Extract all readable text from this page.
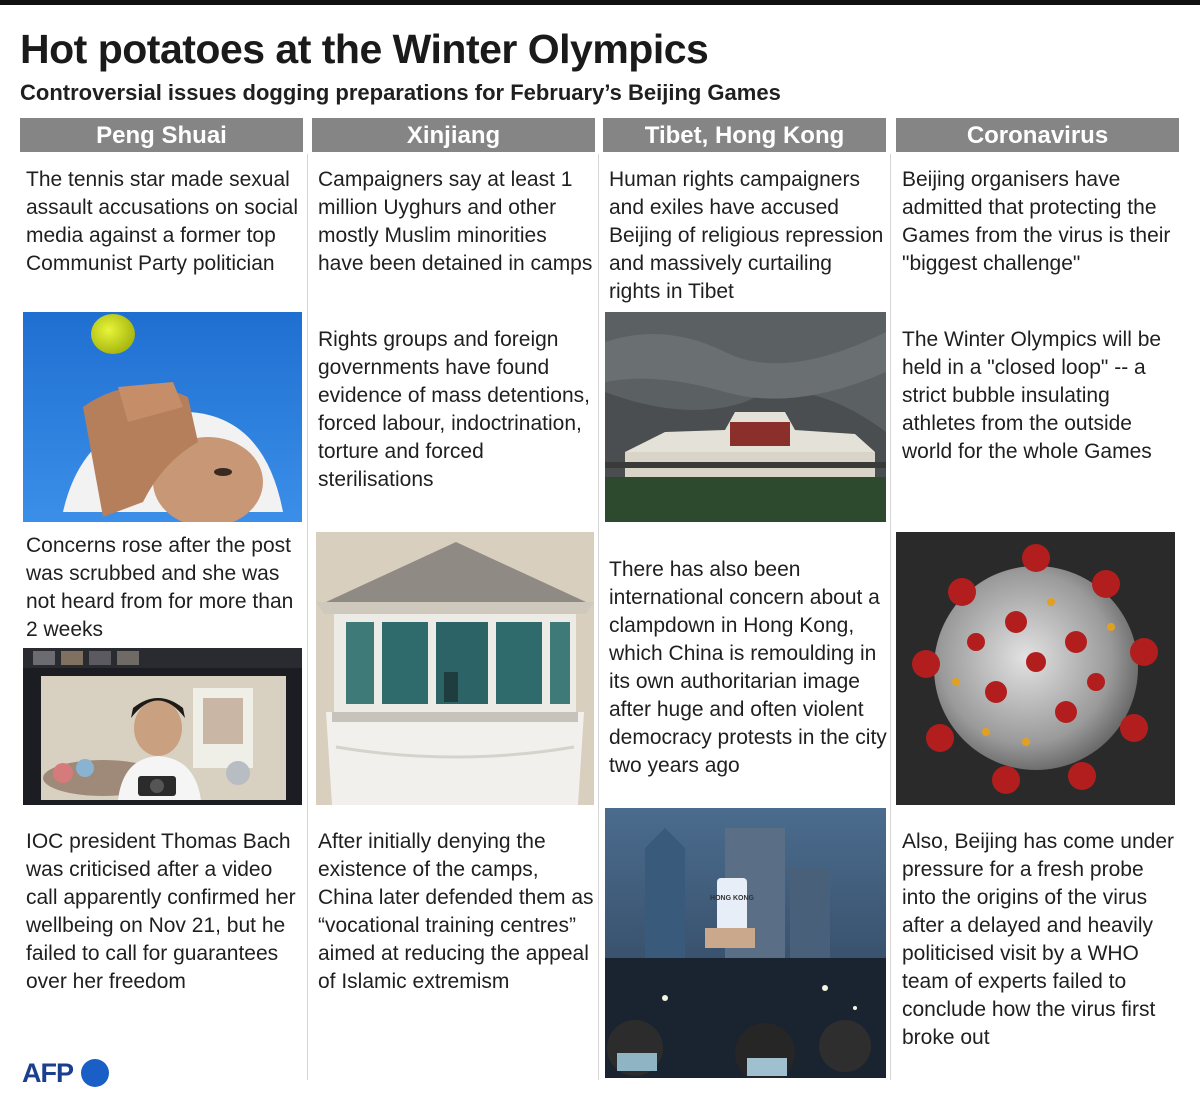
Hot potatoes at the Winter Olympics
Controversial issues dogging preparations for February’s Beijing Games
Peng Shuai

The tennis star made sexual assault accusations on social media against a former top Communist Party politician

Concerns rose after the post was scrubbed and she was not heard from for more than 2 weeks

IOC president Thomas Bach was criticised after a video call apparently confirmed her wellbeing on Nov 21, but he failed to call for guarantees over her freedom

Xinjiang

Campaigners say at least 1 million Uyghurs and other mostly Muslim minorities have been detained in camps

Rights groups and foreign governments have found evidence of mass detentions, forced labour, indoctrination, torture and forced sterilisations

After initially denying the existence of the camps, China later defended them as “vocational training centres” aimed at reducing the appeal of Islamic extremism

Tibet, Hong Kong

Human rights campaigners and exiles have accused Beijing of religious repression and massively curtailing rights in Tibet

There has also been international concern about a clampdown in Hong Kong, which China is remoulding in its own authoritarian image after huge and often violent democracy protests in the city two years ago

HONG KONG
Coronavirus

Beijing organisers have admitted that protecting the Games from the virus is their "biggest challenge"

The Winter Olympics will be held in a "closed loop" -- a strict bubble insulating athletes from the outside world for the whole Games

Also, Beijing has come under pressure for a fresh probe into the origins of the virus after a delayed and heavily politicised visit by a WHO team of experts failed to conclude how the virus first broke out

AFP
